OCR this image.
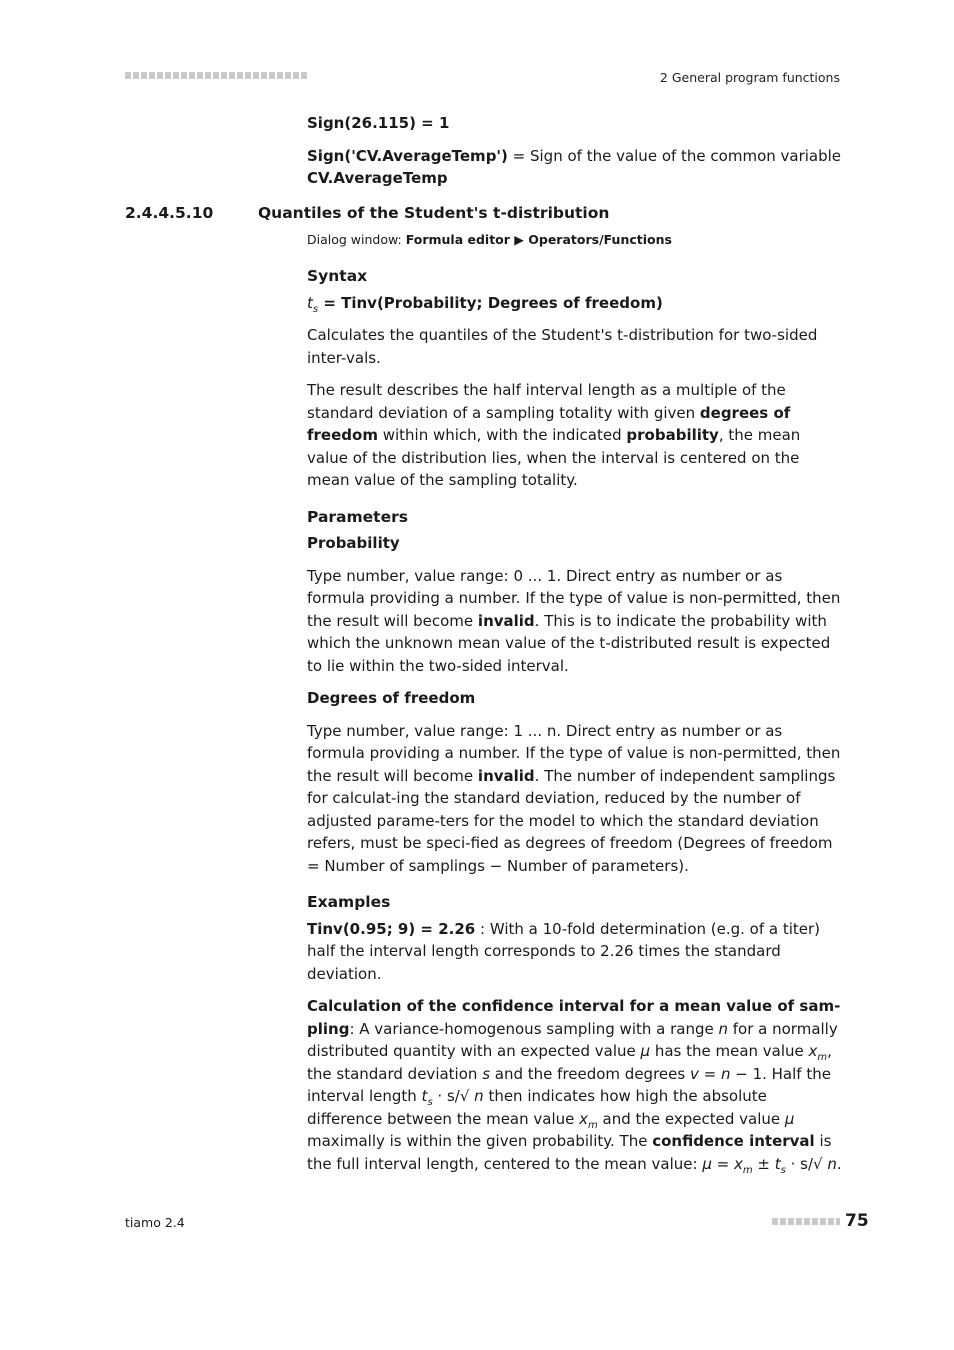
2 General program functions

Sign(26.115) = 1

Sign('CV.AverageTemp') = Sign of the value of the common variable
CV.AverageTemp

2.4.4.5.10	Quantiles of the Student's t-distribution
Dialog window: Formula editor ▶ Operators/Functions

Syntax

$t_s$ = Tinv(Probability; Degrees of freedom)

Calculates the quantiles of the Student's t-distribution for two-sided inter-vals.

The result describes the half interval length as a multiple of the standard deviation of a sampling totality with given degrees of freedom within which, with the indicated probability, the mean value of the distribution lies, when the interval is centered on the mean value of the sampling totality.

Parameters

Probability

Type number, value range: 0 ... 1. Direct entry as number or as formula providing a number. If the type of value is non-permitted, then the result will become invalid. This is to indicate the probability with which the unknown mean value of the t-distributed result is expected to lie within the two-sided interval.

Degrees of freedom

Type number, value range: 1 ... n. Direct entry as number or as formula providing a number. If the type of value is non-permitted, then the result will become invalid. The number of independent samplings for calculat-ing the standard deviation, reduced by the number of adjusted parame-ters for the model to which the standard deviation refers, must be speci-fied as degrees of freedom (Degrees of freedom = Number of samplings − Number of parameters).

Examples

Tinv(0.95; 9) = 2.26 : With a 10-fold determination (e.g. of a titer) half the interval length corresponds to 2.26 times the standard deviation.

Calculation of the confidence interval for a mean value of sam-pling: A variance-homogenous sampling with a range n for a normally distributed quantity with an expected value μ has the mean value $x_m$, the standard deviation s and the freedom degrees v = n − 1. Half the interval length $t_s \cdot s/√$ n then indicates how high the absolute difference between the mean value $x_m$ and the expected value μ maximally is within the given probability. The confidence interval is the full interval length, centered to the mean value: $\mu = x_m \pm t_s \cdot s/√$ n.

tiamo 2.4	75
